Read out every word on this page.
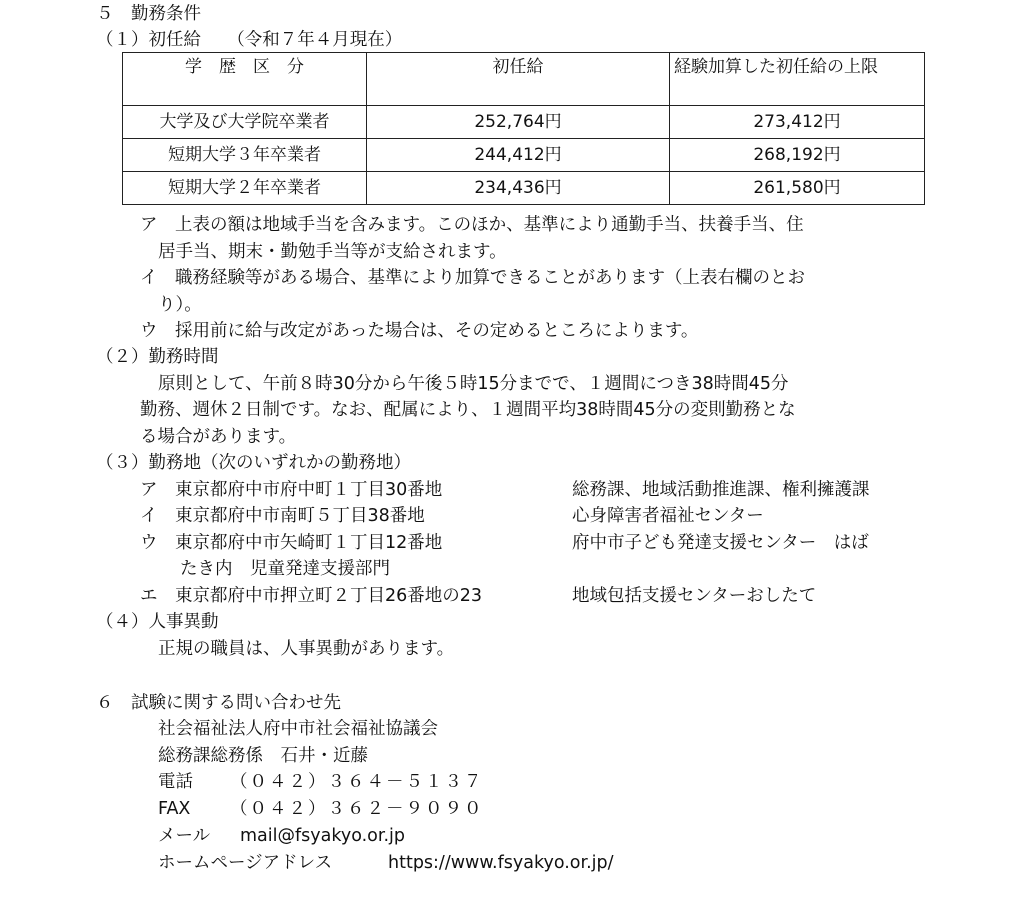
５　勤務条件
（１）初任給　　（令和７年４月現在）
学　歴　区　分	初任給	経験加算した初任給の上限
大学及び大学院卒業者	252,764円	273,412円
短期大学３年卒業者	244,412円	268,192円
短期大学２年卒業者	234,436円	261,580円
ア　上表の額は地域手当を含みます。このほか、基準により通勤手当、扶養手当、住
居手当、期末・勤勉手当等が支給されます。
イ　職務経験等がある場合、基準により加算できることがあります（上表右欄のとお
り）。
ウ　採用前に給与改定があった場合は、その定めるところによります。
（２）勤務時間
原則として、午前８時30分から午後５時15分までで、１週間につき38時間45分
勤務、週休２日制です。なお、配属により、１週間平均38時間45分の変則勤務とな
る場合があります。
（３）勤務地（次のいずれかの勤務地）
ア　東京都府中市府中町１丁目30番地	総務課、地域活動推進課、権利擁護課
イ　東京都府中市南町５丁目38番地	心身障害者福祉センター
ウ　東京都府中市矢崎町１丁目12番地	府中市子ども発達支援センター　はば
たき内　児童発達支援部門
エ　東京都府中市押立町２丁目26番地の23	地域包括支援センターおしたて
（４）人事異動
正規の職員は、人事異動があります。
６　試験に関する問い合わせ先
社会福祉法人府中市社会福祉協議会
総務課総務係　石井・近藤
電話 （０４２）３６４－５１３７
FAX （０４２）３６２－９０９０
メール mail@fsyakyo.or.jp
ホームページアドレス	https://www.fsyakyo.or.jp/
